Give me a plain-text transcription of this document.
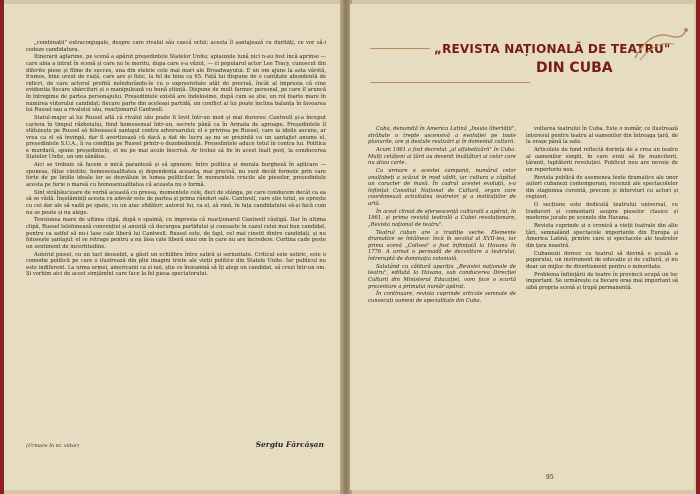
„combinații" extraconjugale, despre care rivalul său cască ochii; acesta îl șantajează cu durități, ce vor să-i cedeze candidatura.

Itinerarii aglarime, pe scenă a apărut președintele Statelor Unite; aplauzele lună nici n-au fost încă aprinse — care abia a intrat în scenă și care nu le meritu, dupa care s-a văzut, — ci popularul actor Lee Tracy, cunoscut din diferite piese și filme de succes, una din stelele cele mai mari ale Broadwayului. E un om ajuns la asta vârstă, frumos, bine urzut de viață, care are și fizic, la fel de bine ca 65. Față lui dispune de o cantitate abundentă de ridicri, de care actorul profită neîndurându-le cu o expresivitate atât de precisă, încât al impresia că cine evidentia fiecare sbârcituri și o manipulează cu bună știință. Dispune de mult farmec personal, pe care îl aruncă în întregime de partea personajului. Președintele există are îndelosimo, după cum se știe, un rol foarte mare în numirea viitorului candidat; fiecare parte din aceleași partidă, un conflict al lui poate înclina balanța în favoarea lui Russel sau a rivalului său, reacționarul Cantwell.

Statul-major al lui Russel aflã că rivalul său poate fi lovit într-un mod și mai dureros: Cantwell și-a început cariera în timpul războiului, fiind homosexual într-un, secrets până ca în Armata de aproape. Președintele îl sfătuiește pe Russel să folosească șantajul contra adversarului; el e privirea pe Russel, care ia ideile ascuns, ar vrea ca el să învingă, dar îl avertizează că dacă a dat de lucru aș nu se prezintă ca un șantajist anume el, președintele S.U.A., îi va condiția pe Russel printr-o dezobediență. Președintele aduce totul în contra lui. Politica e murdară, spune președintele, el nu pe mai acolo înscrisă. Ar trebui să fie în acest înalt post, la conducerea Statelor Unite, un om sănătos.

Aici se trebuie să facem o mică paranteză și să spunem: între politica și morala burgheză în aplicare — spuneaș, fălșe cinstite, homosexualitatea și dependența aceasta, mai precisă, nu sunt decât formele prin care forte de pe liniile ideale lor se dezvăluie în lumea politicilor. În momentele crucile ale pieselor, președintele acesta pe furie o mareă cu homosexualitatea că aceasta nu o formă.

Sint străbăucioare de vorbă această cu pressa, momentele cele, deci de stânga, pe care conducem decât ca ea să se vădă. Înșelăminți acesta cu adevăr este de partea și prima rânduri sale. Cantwell, care știe totul, se oprește cu cei dar ale să vadă pe spate, cu un atac sfidător; autorul lui, ca el, să vină, în fața candidatului să-și facă cum nu se poate și nu alege.

Tensiunea mare de ultima clipă, după o spaimă, cu impresia că reacționarul Cantwell câștigă. Dar în ultima clipă, Russel telefonează convenției și anunță că decurgea partidului și cunoaște în cazul celui mai bun candidat, pentru ca astfel să nu-i lase cale liberă lui Cantwell. Russel este, de fapt, cel mai cinstit dintre candidați, și nu folosește șantajul: el se retrage pentru a nu lăsa cale liberă unui om în care nu are încredere. Cortina cade peste un sentiment de incertitudine.

Autorul piesei, cu un tact deosebit, a găsit un echilibru între satiră și seriozitate. Criticul este satiric, este o comedie politică pe care o ilustrează din plin imagini triste ale vieții politice din Statele Unite. Iar publicul nu este indiferent. La urma urmei, americanii ca și noi, știu ce înseamnă să îți alegi un candidat, să crezi într-un om. Și vorbim aici de acest simțămînt care face la fel piesa spectatorului.

(Urmare în nr. viitor)	Sergiu Fărcășan
„REVISTA NAȚIONALĂ DE TEATRU"
DIN CUBA

Cuba, denumită în America Latină „Insula libertății", străbate o trepte ascensivă a evoluției pe toate planurile, are și destule realizări și în domeniul culturii.

Acum 1961 a fost decretat „al alfabetizării" în Cuba. Mulți cetățeni ai țării au devenit învățători ai celor care nu știau carte.

Ca urmare a acestei campanii, numărul celor analfabeți a scăzut în mod vădit, iar cultura a căpătat un caracter de masă. În cadrul acestei evoluții, s-a înființat Consiliul Național de Cultură, organ care coordonează activitatea teatrelor și a instituțiilor de artă.

În acest climat de efervescență culturală a apărut, în 1961, și prima revistă teatrală a Cubei revoluționare, „Revista național de teatru".

Teatrul cuban are o tradiție veche. Elemente dramatice se întâlnesc încă în secolul al XVII-lea, iar prima scenă „Coliseo" a fost înființată la Havana în 1776. A urmat o perioadă de dezvoltare a teatrului, întreruptă de dominația colonială.

Salutând cu căldură apariția „Revistei naționale de teatru", editată la Havana, sub conducerea Direcției Culturii din Ministerul Educației, vom face o scurtă prezentare a primului număr apărut.

În continuare, revista cuprinde articole semnate de cunoscuți oameni de specialitate din Cuba.

voltarea teatrului în Cuba. Este o număr, ce ilustrează interesul pentru teatru al oamenilor din întreaga țară, de la orașe până la sate.

Articolele de fond reflectă dorința de a crea un teatru al oamenilor simpli, în care eroii să fie muncitorii, țăranii, luptătorii revoluției. Publicul nou are nevoie de un repertoriu nou.

Revista publică de asemenea texte dramatice ale unor autori cubanezi contemporani, recenzii ale spectacolelor din stagiunea curentă, precum și interviuri cu actori și regizori.

O secțiune este dedicată teatrului universal, cu traduceri și comentarii asupra pieselor clasice și moderne jucate pe scenele din Havana.

Revista cuprinde și o cronică a vieții teatrale din alte țări, semnalând spectacole importante din Europa și America Latină, printre care și spectacole ale teatrelor din țara noastră.

Cubanezii doresc ca teatrul să devină o școală a poporului, un instrument de educație și de cultură, și nu doar un mijloc de divertisment pentru o minoritate.

Problema înființării de teatre în provincii ocupă un loc important. Se urmărește ca fiecare oraș mai important să aibă propria scenă și trupă permanentă.

95
